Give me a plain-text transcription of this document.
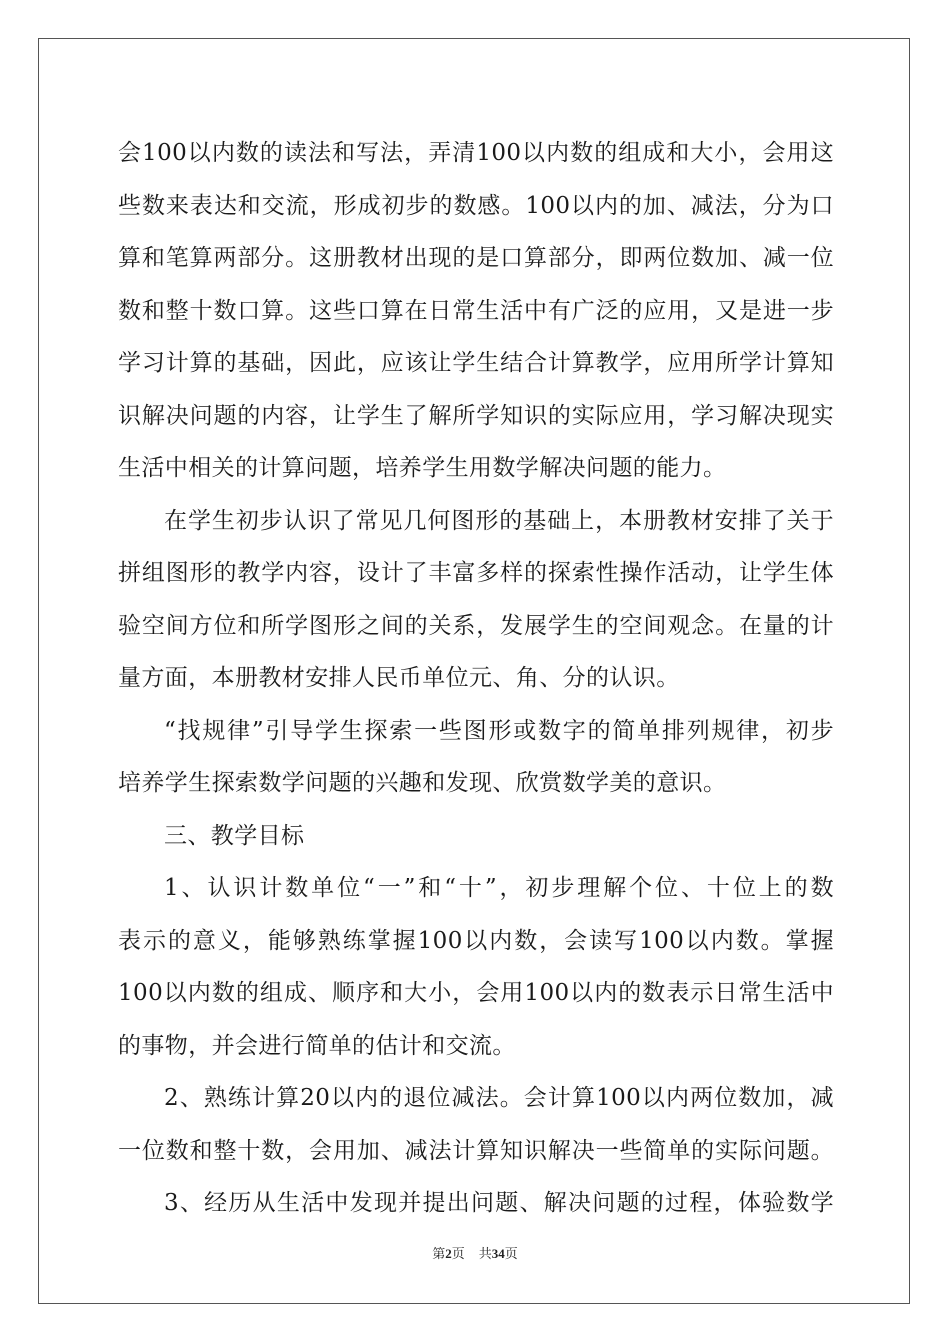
会100以内数的读法和写法，弄清100以内数的组成和大小，会用这
些数来表达和交流，形成初步的数感。100以内的加、减法，分为口
算和笔算两部分。这册教材出现的是口算部分，即两位数加、减一位
数和整十数口算。这些口算在日常生活中有广泛的应用，又是进一步
学习计算的基础，因此，应该让学生结合计算教学，应用所学计算知
识解决问题的内容，让学生了解所学知识的实际应用，学习解决现实
生活中相关的计算问题，培养学生用数学解决问题的能力。
在学生初步认识了常见几何图形的基础上，本册教材安排了关于
拼组图形的教学内容，设计了丰富多样的探索性操作活动，让学生体
验空间方位和所学图形之间的关系，发展学生的空间观念。在量的计
量方面，本册教材安排人民币单位元、角、分的认识。
“找规律”引导学生探索一些图形或数字的简单排列规律，初步
培养学生探索数学问题的兴趣和发现、欣赏数学美的意识。
三、教学目标
1、认识计数单位“一”和“十”，初步理解个位、十位上的数
表示的意义，能够熟练掌握100以内数，会读写100以内数。掌握
100以内数的组成、顺序和大小，会用100以内的数表示日常生活中
的事物，并会进行简单的估计和交流。
2、熟练计算20以内的退位减法。会计算100以内两位数加，减
一位数和整十数，会用加、减法计算知识解决一些简单的实际问题。
3、经历从生活中发现并提出问题、解决问题的过程，体验数学
第2页 共34页
